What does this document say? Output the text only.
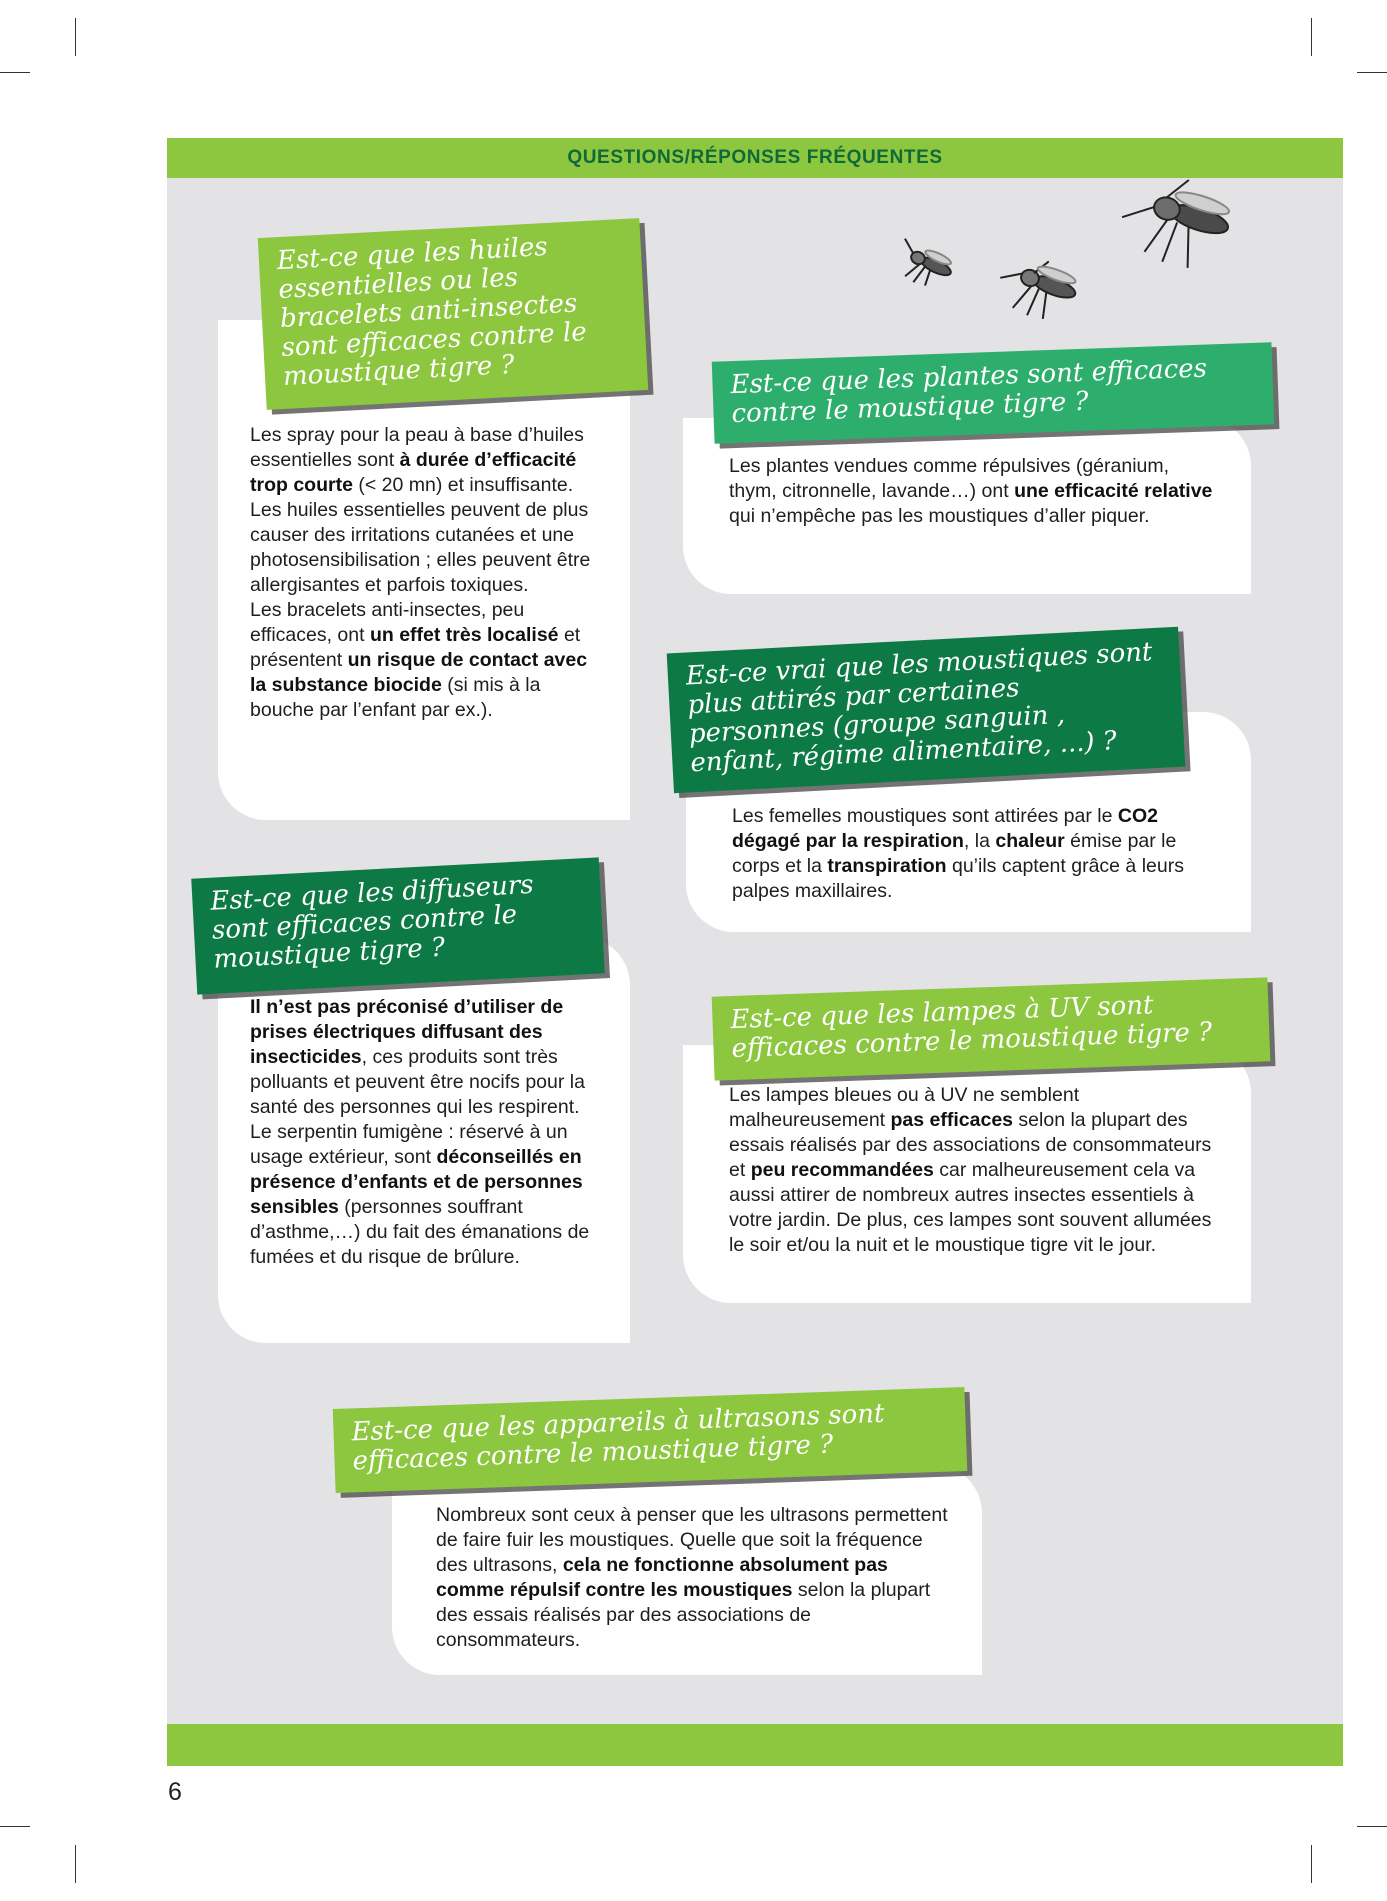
QUESTIONS/RÉPONSES FRÉQUENTES

Les spray pour la peau à base d’huiles essentielles sont à durée d’efficacité trop courte (< 20 mn) et insuffisante. Les huiles essentielles peuvent de plus causer des irritations cutanées et une photosensibilisation ; elles peuvent être allergisantes et parfois toxiques.

Les bracelets anti-insectes, peu efficaces, ont un effet très localisé et présentent un risque de contact avec la substance biocide (si mis à la bouche par l’enfant par ex.).

Est-ce que les huiles essentielles ou les bracelets anti-insectes sont efficaces contre le moustique tigre ?

Les plantes vendues comme répulsives (géranium, thym, citronnelle, lavande…) ont une efficacité relative qui n’empêche pas les moustiques d’aller piquer.

Est-ce que les plantes sont efficaces contre le moustique tigre ?

Les femelles moustiques sont attirées par le CO2 dégagé par la respiration, la chaleur émise par le corps et la transpiration qu’ils captent grâce à leurs palpes maxillaires.

Est-ce vrai que les moustiques sont plus attirés par certaines personnes (groupe sanguin , enfant, régime alimentaire, ...) ?

Il n’est pas préconisé d’utiliser de prises électriques diffusant des insecticides, ces produits sont très polluants et peuvent être nocifs pour la santé des personnes qui les respirent.

Le serpentin fumigène : réservé à un usage extérieur, sont déconseillés en présence d’enfants et de personnes sensibles (personnes souffrant d’asthme,…) du fait des émanations de fumées et du risque de brûlure.

Est-ce que les diffuseurs sont efficaces contre le moustique tigre ?

Les lampes bleues ou à UV ne semblent malheureusement pas efficaces selon la plupart des essais réalisés par des associations de consommateurs et peu recommandées car malheureusement cela va aussi attirer de nombreux autres insectes essentiels à votre jardin. De plus, ces lampes sont souvent allumées le soir et/ou la nuit et le moustique tigre vit le jour.

Est-ce que les lampes à UV sont efficaces contre le moustique tigre ?

Nombreux sont ceux à penser que les ultrasons permettent de faire fuir les moustiques. Quelle que soit la fréquence des ultrasons, cela ne fonctionne absolument pas comme répulsif contre les moustiques selon la plupart des essais réalisés par des associations de consommateurs.

Est-ce que les appareils à ultrasons sont efficaces contre le moustique tigre ?
6
